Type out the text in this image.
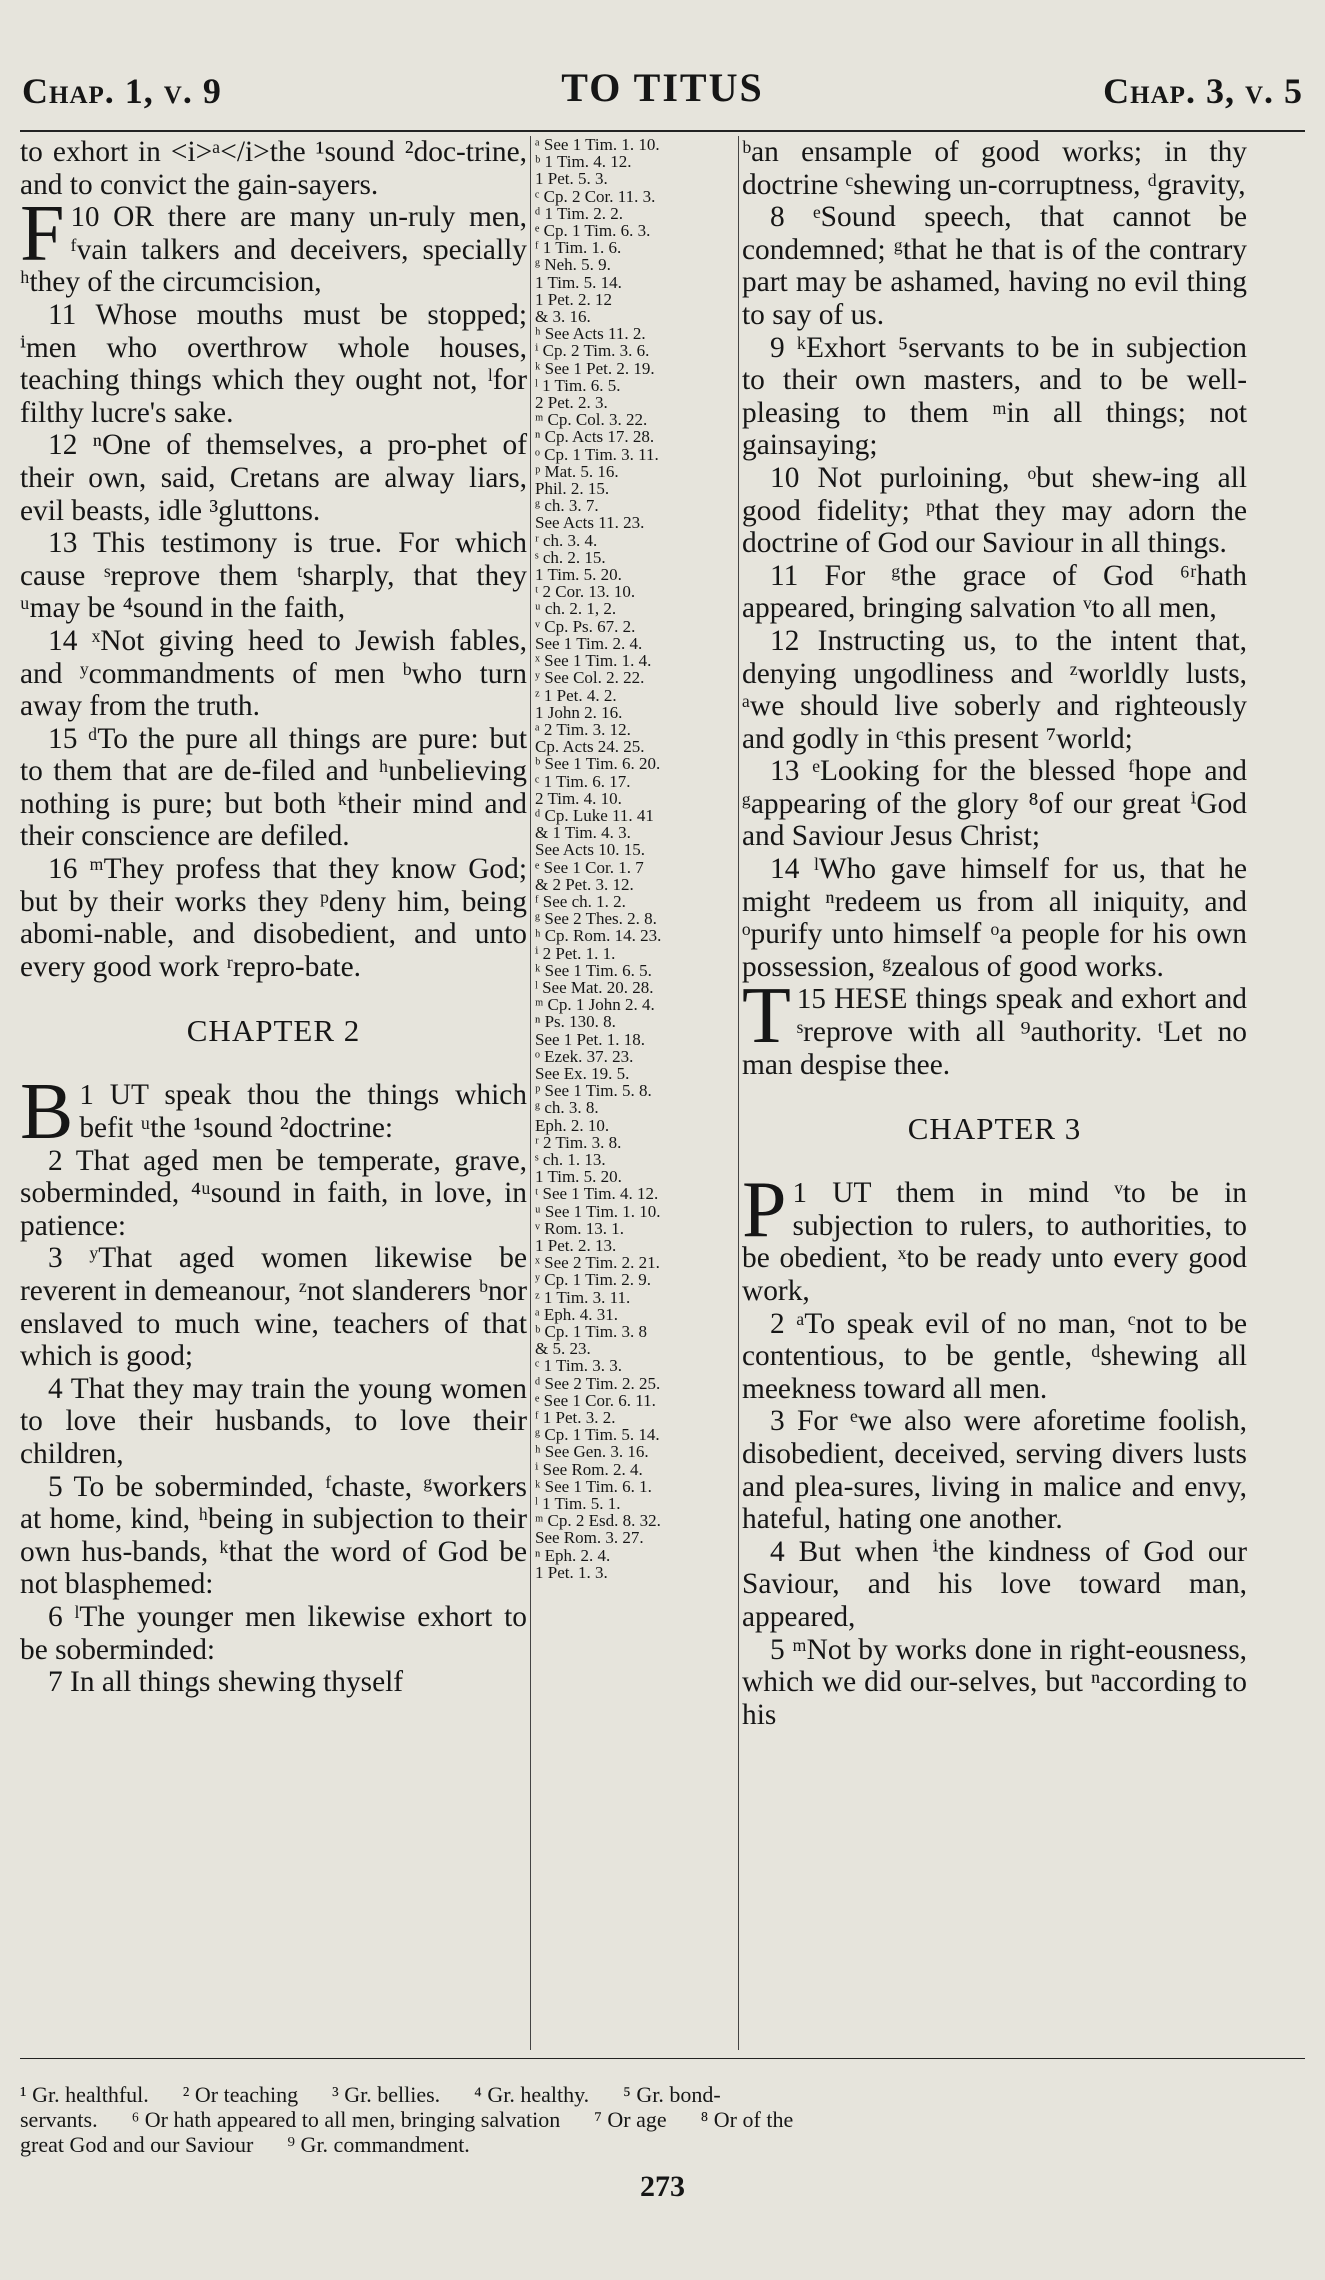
Chap. 1, v. 9	TO TITUS	Chap. 3, v. 5

to exhort in <i>ᵃ</i>the ¹sound ²doc-trine, and to convict the gain-sayers.

10
F OR there are many un-ruly men, ᶠvain talkers and deceivers, specially ʰthey of the circumcision,

11 Whose mouths must be stopped; ⁱmen who overthrow whole houses, teaching things which they ought not, ˡfor filthy lucre's sake.

12 ⁿOne of themselves, a pro-phet of their own, said, Cretans are alway liars, evil beasts, idle ³gluttons.

13 This testimony is true. For which cause ˢreprove them ᵗsharply, that they ᵘmay be ⁴sound in the faith,

14 ˣNot giving heed to Jewish fables, and ʸcommandments of men ᵇwho turn away from the truth.

15 ᵈTo the pure all things are pure: but to them that are de-filed and ʰunbelieving nothing is pure; but both ᵏtheir mind and their conscience are defiled.

16 ᵐThey profess that they know God; but by their works they ᵖdeny him, being abomi-nable, and disobedient, and unto every good work ʳrepro-bate.

CHAPTER 2

1
B UT speak thou the things which befit ᵘthe ¹sound ²doctrine:

2 That aged men be temperate, grave, soberminded, ⁴ᵘsound in faith, in love, in patience:

3 ʸThat aged women likewise be reverent in demeanour, ᶻnot slanderers ᵇnor enslaved to much wine, teachers of that which is good;

4 That they may train the young women to love their husbands, to love their children,

5 To be soberminded, ᶠchaste, ᵍworkers at home, kind, ʰbeing in subjection to their own hus-bands, ᵏthat the word of God be not blasphemed:

6 ˡThe younger men likewise exhort to be soberminded:

7 In all things shewing thyself

ᵃ See 1 Tim. 1. 10.
ᵇ 1 Tim. 4. 12.
1 Pet. 5. 3.
ᶜ Cp. 2 Cor. 11. 3.
ᵈ 1 Tim. 2. 2.
ᵉ Cp. 1 Tim. 6. 3.
ᶠ 1 Tim. 1. 6.
ᵍ Neh. 5. 9.
1 Tim. 5. 14.
1 Pet. 2. 12
& 3. 16.
ʰ See Acts 11. 2.
ⁱ Cp. 2 Tim. 3. 6.
ᵏ See 1 Pet. 2. 19.
ˡ 1 Tim. 6. 5.
2 Pet. 2. 3.
ᵐ Cp. Col. 3. 22.
ⁿ Cp. Acts 17. 28.
ᵒ Cp. 1 Tim. 3. 11.
ᵖ Mat. 5. 16.
Phil. 2. 15.
ᵍ ch. 3. 7.
See Acts 11. 23.
ʳ ch. 3. 4.
ˢ ch. 2. 15.
1 Tim. 5. 20.
ᵗ 2 Cor. 13. 10.
ᵘ ch. 2. 1, 2.
ᵛ Cp. Ps. 67. 2.
See 1 Tim. 2. 4.
ˣ See 1 Tim. 1. 4.
ʸ See Col. 2. 22.
ᶻ 1 Pet. 4. 2.
1 John 2. 16.
ᵃ 2 Tim. 3. 12.
Cp. Acts 24. 25.
ᵇ See 1 Tim. 6. 20.
ᶜ 1 Tim. 6. 17.
2 Tim. 4. 10.
ᵈ Cp. Luke 11. 41
& 1 Tim. 4. 3.
See Acts 10. 15.
ᵉ See 1 Cor. 1. 7
& 2 Pet. 3. 12.
ᶠ See ch. 1. 2.
ᵍ See 2 Thes. 2. 8.
ʰ Cp. Rom. 14. 23.
ⁱ 2 Pet. 1. 1.
ᵏ See 1 Tim. 6. 5.
ˡ See Mat. 20. 28.
ᵐ Cp. 1 John 2. 4.
ⁿ Ps. 130. 8.
See 1 Pet. 1. 18.
ᵒ Ezek. 37. 23.
See Ex. 19. 5.
ᵖ See 1 Tim. 5. 8.
ᵍ ch. 3. 8.
Eph. 2. 10.
ʳ 2 Tim. 3. 8.
ˢ ch. 1. 13.
1 Tim. 5. 20.
ᵗ See 1 Tim. 4. 12.
ᵘ See 1 Tim. 1. 10.
ᵛ Rom. 13. 1.
1 Pet. 2. 13.
ˣ See 2 Tim. 2. 21.
ʸ Cp. 1 Tim. 2. 9.
ᶻ 1 Tim. 3. 11.
ᵃ Eph. 4. 31.
ᵇ Cp. 1 Tim. 3. 8
& 5. 23.
ᶜ 1 Tim. 3. 3.
ᵈ See 2 Tim. 2. 25.
ᵉ See 1 Cor. 6. 11.
ᶠ 1 Pet. 3. 2.
ᵍ Cp. 1 Tim. 5. 14.
ʰ See Gen. 3. 16.
ⁱ See Rom. 2. 4.
ᵏ See 1 Tim. 6. 1.
ˡ 1 Tim. 5. 1.
ᵐ Cp. 2 Esd. 8. 32.
See Rom. 3. 27.
ⁿ Eph. 2. 4.
1 Pet. 1. 3.

ᵇan ensample of good works; in thy doctrine ᶜshewing un-corruptness, ᵈgravity,

8 ᵉSound speech, that cannot be condemned; ᵍthat he that is of the contrary part may be ashamed, having no evil thing to say of us.

9 ᵏExhort ⁵servants to be in subjection to their own masters, and to be well-pleasing to them ᵐin all things; not gainsaying;

10 Not purloining, ᵒbut shew-ing all good fidelity; ᵖthat they may adorn the doctrine of God our Saviour in all things.

11 For ᵍthe grace of God ⁶ʳhath appeared, bringing salvation ᵛto all men,

12 Instructing us, to the intent that, denying ungodliness and ᶻworldly lusts, ᵃwe should live soberly and righteously and godly in ᶜthis present ⁷world;

13 ᵉLooking for the blessed ᶠhope and ᵍappearing of the glory ⁸of our great ⁱGod and Saviour Jesus Christ;

14 ˡWho gave himself for us, that he might ⁿredeem us from all iniquity, and ᵒpurify unto himself ᵒa people for his own possession, ᵍzealous of good works.

15
T HESE things speak and exhort and ˢreprove with all ⁹authority. ᵗLet no man despise thee.

CHAPTER 3

1
P UT them in mind ᵛto be in subjection to rulers, to authorities, to be obedient, ˣto be ready unto every good work,

2 ᵃTo speak evil of no man, ᶜnot to be contentious, to be gentle, ᵈshewing all meekness toward all men.

3 For ᵉwe also were aforetime foolish, disobedient, deceived, serving divers lusts and plea-sures, living in malice and envy, hateful, hating one another.

4 But when ⁱthe kindness of God our Saviour, and his love toward man, appeared,

5 ᵐNot by works done in right-eousness, which we did our-selves, but ⁿaccording to his

¹ Gr. healthful. ² Or teaching ³ Gr. bellies. ⁴ Gr. healthy. ⁵ Gr. bond-
servants. ⁶ Or hath appeared to all men, bringing salvation ⁷ Or age ⁸ Or of the
great God and our Saviour ⁹ Gr. commandment.
273
